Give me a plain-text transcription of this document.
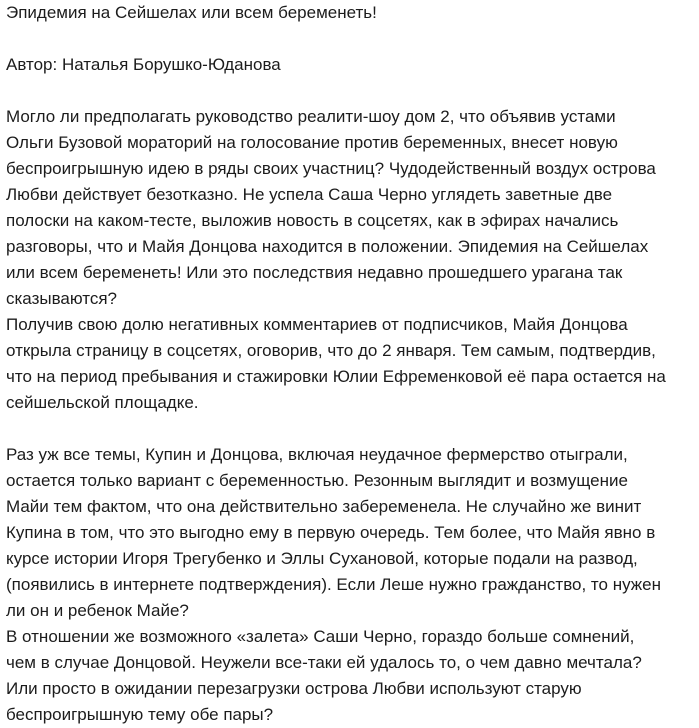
Эпидемия на Сейшелах или всем беременеть!
Автор: Наталья Борушко-Юданова
Могло ли предполагать руководство реалити-шоу дом 2, что объявив устами
Ольги Бузовой мораторий на голосование против беременных, внесет новую
беспроигрышную идею в ряды своих участниц? Чудодейственный воздух острова
Любви действует безотказно. Не успела Саша Черно углядеть заветные две
полоски на каком-тесте, выложив новость в соцсетях, как в эфирах начались
разговоры, что и Майя Донцова находится в положении. Эпидемия на Сейшелах
или всем беременеть! Или это последствия недавно прошедшего урагана так
сказываются?
Получив свою долю негативных комментариев от подписчиков, Майя Донцова
открыла страницу в соцсетях, оговорив, что до 2 января. Тем самым, подтвердив,
что на период пребывания и стажировки Юлии Ефременковой её пара остается на
сейшельской площадке.
Раз уж все темы, Купин и Донцова, включая неудачное фермерство отыграли,
остается только вариант с беременностью. Резонным выглядит и возмущение
Майи тем фактом, что она действительно забеременела. Не случайно же винит
Купина в том, что это выгодно ему в первую очередь. Тем более, что Майя явно в
курсе истории Игоря Трегубенко и Эллы Сухановой, которые подали на развод,
(появились в интернете подтверждения). Если Леше нужно гражданство, то нужен
ли он и ребенок Майе?
В отношении же возможного «залета» Саши Черно, гораздо больше сомнений,
чем в случае Донцовой. Неужели все-таки ей удалось то, о чем давно мечтала?
Или просто в ожидании перезагрузки острова Любви используют старую
беспроигрышную тему обе пары?
